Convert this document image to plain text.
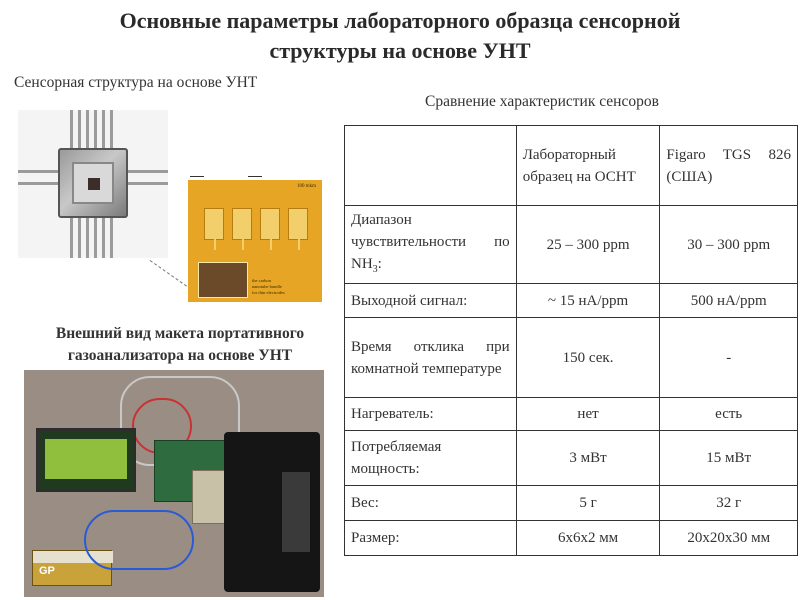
Основные параметры лабораторного образца сенсорной
структуры на основе УНТ
Сенсорная структура на основе УНТ
Сравнение характеристик сенсоров
100 mkm
the carbon
nanotube bundle
for thin electrodes
Внешний вид макета портативного
газоанализатора на основе УНТ
GP
	Лабораторный образец на ОСНТ	Figaro TGS 826 (США)
Диапазон чувствительности по $NH_3$:	25 – 300 ppm	30 – 300 ppm
Выходной сигнал:	~ 15 нА/ppm	500 нА/ppm
Время отклика при комнатной температуре	150 сек.	-
Нагреватель:	нет	есть
Потребляемая мощность:	3 мВт	15 мВт
Вес:	5 г	32 г
Размер:	6х6х2 мм	20х20х30 мм
